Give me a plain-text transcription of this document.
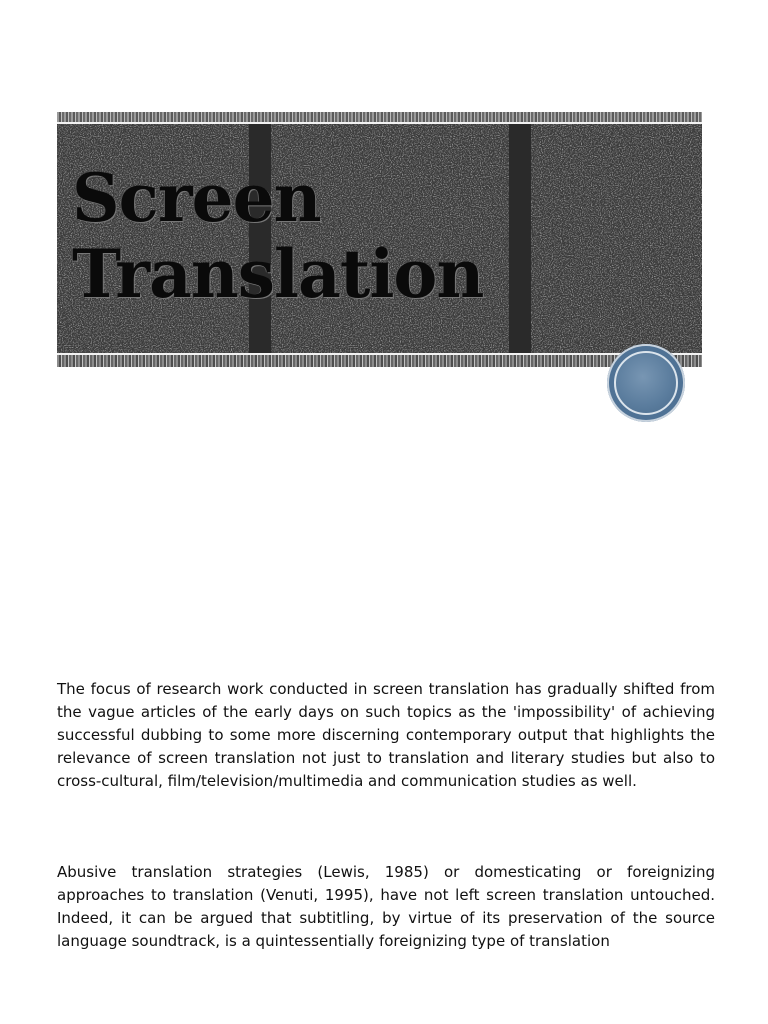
Screen
Translation

The focus of research work conducted in screen translation has gradually shifted from the vague articles of the early days on such topics as the 'impossibility' of achieving successful dubbing to some more discerning contemporary output that highlights the relevance of screen translation not just to translation and literary studies but also to cross-cultural, film/television/multimedia and communication studies as well.

Abusive translation strategies (Lewis, 1985) or domesticating or foreignizing approaches to translation (Venuti, 1995), have not left screen translation untouched. Indeed, it can be argued that subtitling, by virtue of its preservation of the source language soundtrack, is a quintessentially foreignizing type of translation
